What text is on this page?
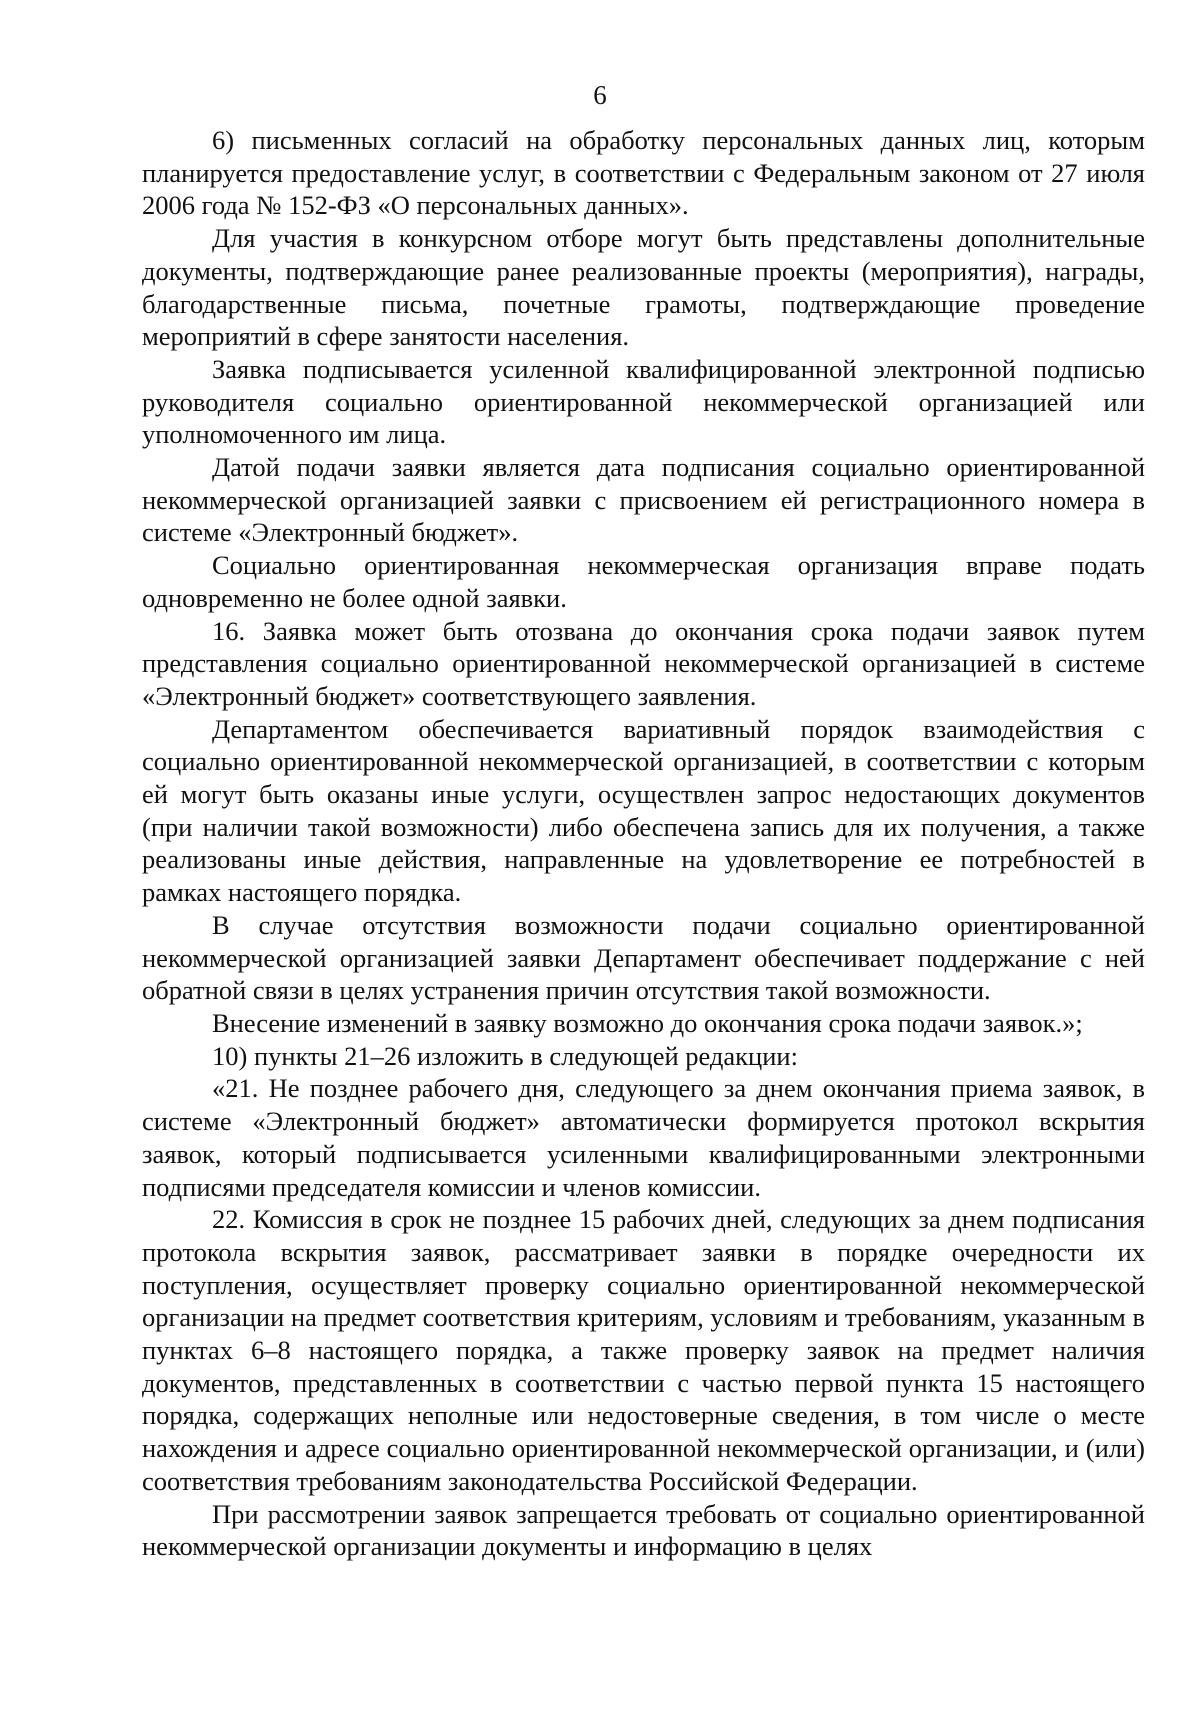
6

6) письменных согласий на обработку персональных данных лиц, которым планируется предоставление услуг, в соответствии с Федеральным законом от 27 июля 2006 года № 152-ФЗ «О персональных данных».

Для участия в конкурсном отборе могут быть представлены дополнительные документы, подтверждающие ранее реализованные проекты (мероприятия), награды, благодарственные письма, почетные грамоты, подтверждающие проведение мероприятий в сфере занятости населения.

Заявка подписывается усиленной квалифицированной электронной подписью руководителя социально ориентированной некоммерческой организацией или уполномоченного им лица.

Датой подачи заявки является дата подписания социально ориентированной некоммерческой организацией заявки с присвоением ей регистрационного номера в системе «Электронный бюджет».

Социально ориентированная некоммерческая организация вправе подать одновременно не более одной заявки.

16. Заявка может быть отозвана до окончания срока подачи заявок путем представления социально ориентированной некоммерческой организацией в системе «Электронный бюджет» соответствующего заявления.

Департаментом обеспечивается вариативный порядок взаимодействия с социально ориентированной некоммерческой организацией, в соответствии с которым ей могут быть оказаны иные услуги, осуществлен запрос недостающих документов (при наличии такой возможности) либо обеспечена запись для их получения, а также реализованы иные действия, направленные на удовлетворение ее потребностей в рамках настоящего порядка.

В случае отсутствия возможности подачи социально ориентированной некоммерческой организацией заявки Департамент обеспечивает поддержание с ней обратной связи в целях устранения причин отсутствия такой возможности.

Внесение изменений в заявку возможно до окончания срока подачи заявок.»;

10) пункты 21–26 изложить в следующей редакции:

«21. Не позднее рабочего дня, следующего за днем окончания приема заявок, в системе «Электронный бюджет» автоматически формируется протокол вскрытия заявок, который подписывается усиленными квалифицированными электронными подписями председателя комиссии и членов комиссии.

22. Комиссия в срок не позднее 15 рабочих дней, следующих за днем подписания протокола вскрытия заявок, рассматривает заявки в порядке очередности их поступления, осуществляет проверку социально ориентированной некоммерческой организации на предмет соответствия критериям, условиям и требованиям, указанным в пунктах 6–8 настоящего порядка, а также проверку заявок на предмет наличия документов, представленных в соответствии с частью первой пункта 15 настоящего порядка, содержащих неполные или недостоверные сведения, в том числе о месте нахождения и адресе социально ориентированной некоммерческой организации, и (или) соответствия требованиям законодательства Российской Федерации.

При рассмотрении заявок запрещается требовать от социально ориентированной некоммерческой организации документы и информацию в целях
